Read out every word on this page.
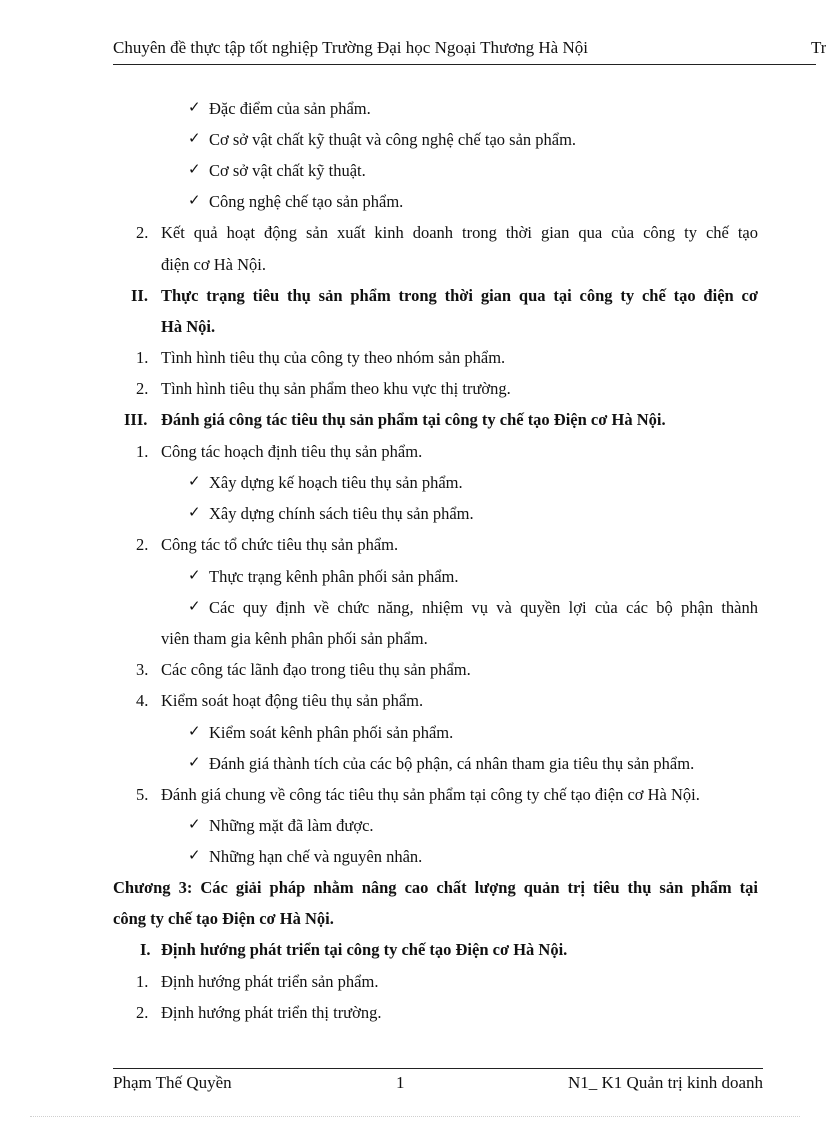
Chuyên đề thực tập tốt nghiệp Trường Đại học Ngoại Thương Hà Nội	Tr
✓ Đặc điểm của sản phẩm.
✓ Cơ sở vật chất kỹ thuật và công nghệ chế tạo sản phẩm.
✓ Cơ sở vật chất kỹ thuật.
✓ Công nghệ chế tạo sản phẩm.
2. Kết quả hoạt động sản xuất kinh doanh trong thời gian qua của công ty chế tạo
điện cơ Hà Nội.
II. Thực trạng tiêu thụ sản phẩm trong thời gian qua tại công ty chế tạo điện cơ
Hà Nội.
1. Tình hình tiêu thụ của công ty theo nhóm sản phẩm.
2. Tình hình tiêu thụ sản phẩm theo khu vực thị trường.
III. Đánh giá công tác tiêu thụ sản phẩm tại công ty chế tạo Điện cơ Hà Nội.
1. Công tác hoạch định tiêu thụ sản phẩm.
✓ Xây dựng kế hoạch tiêu thụ sản phẩm.
✓ Xây dựng chính sách tiêu thụ sản phẩm.
2. Công tác tổ chức tiêu thụ sản phẩm.
✓ Thực trạng kênh phân phối sản phẩm.
✓ Các quy định về chức năng, nhiệm vụ và quyền lợi của các bộ phận thành
viên tham gia kênh phân phối sản phẩm.
3. Các công tác lãnh đạo trong tiêu thụ sản phẩm.
4. Kiểm soát hoạt động tiêu thụ sản phẩm.
✓ Kiểm soát kênh phân phối sản phẩm.
✓ Đánh giá thành tích của các bộ phận, cá nhân tham gia tiêu thụ sản phẩm.
5. Đánh giá chung về công tác tiêu thụ sản phẩm tại công ty chế tạo điện cơ Hà Nội.
✓ Những mặt đã làm được.
✓ Những hạn chế và nguyên nhân.
Chương 3: Các giải pháp nhằm nâng cao chất lượng quản trị tiêu thụ sản phẩm tại
công ty chế tạo Điện cơ Hà Nội.
I. Định hướng phát triển tại công ty chế tạo Điện cơ Hà Nội.
1. Định hướng phát triển sản phẩm.
2. Định hướng phát triển thị trường.
Phạm Thế Quyền	1	N1_ K1 Quản trị kinh doanh
